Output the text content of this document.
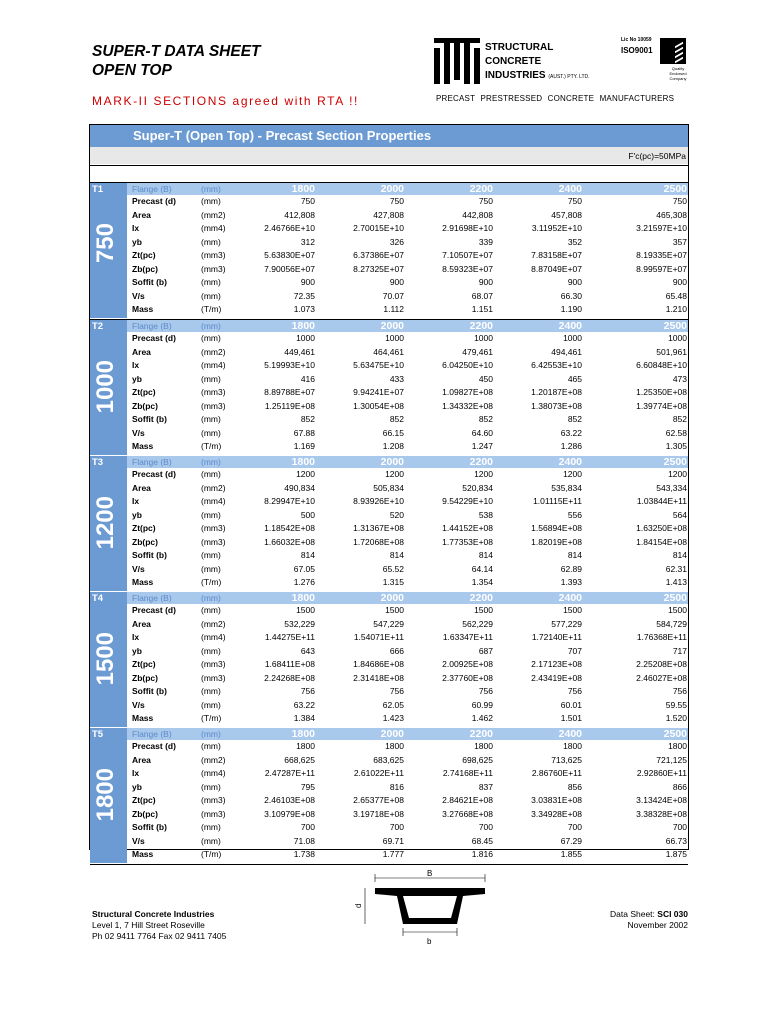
SUPER-T DATA SHEET
OPEN TOP
MARK-II SECTIONS agreed with RTA !!
STRUCTURAL
CONCRETE
INDUSTRIES (AUST.) PTY. LTD.
Lic No 10059
ISO9001
Quality
Endorsed
Company
PRECAST PRESTRESSED CONCRETE MANUFACTURERS
Super-T (Open Top) - Precast Section Properties
F'c(pc)=50MPa
T1
750
Flange (B)	(mm)	1800	2000	2200	2400	2500
Precast (d)	(mm)	750	750	750	750	750
Area	(mm2)	412,808	427,808	442,808	457,808	465,308
Ix	(mm4)	2.46766E+10	2.70015E+10	2.91698E+10	3.11952E+10	3.21597E+10
yb	(mm)	312	326	339	352	357
Zt(pc)	(mm3)	5.63830E+07	6.37386E+07	7.10507E+07	7.83158E+07	8.19335E+07
Zb(pc)	(mm3)	7.90056E+07	8.27325E+07	8.59323E+07	8.87049E+07	8.99597E+07
Soffit (b)	(mm)	900	900	900	900	900
V/s	(mm)	72.35	70.07	68.07	66.30	65.48
Mass	(T/m)	1.073	1.112	1.151	1.190	1.210
T2
1000
Flange (B)	(mm)	1800	2000	2200	2400	2500
Precast (d)	(mm)	1000	1000	1000	1000	1000
Area	(mm2)	449,461	464,461	479,461	494,461	501,961
Ix	(mm4)	5.19993E+10	5.63475E+10	6.04250E+10	6.42553E+10	6.60848E+10
yb	(mm)	416	433	450	465	473
Zt(pc)	(mm3)	8.89788E+07	9.94241E+07	1.09827E+08	1.20187E+08	1.25350E+08
Zb(pc)	(mm3)	1.25119E+08	1.30054E+08	1.34332E+08	1.38073E+08	1.39774E+08
Soffit (b)	(mm)	852	852	852	852	852
V/s	(mm)	67.88	66.15	64.60	63.22	62.58
Mass	(T/m)	1.169	1.208	1.247	1.286	1.305
T3
1200
Flange (B)	(mm)	1800	2000	2200	2400	2500
Precast (d)	(mm)	1200	1200	1200	1200	1200
Area	(mm2)	490,834	505,834	520,834	535,834	543,334
Ix	(mm4)	8.29947E+10	8.93926E+10	9.54229E+10	1.01115E+11	1.03844E+11
yb	(mm)	500	520	538	556	564
Zt(pc)	(mm3)	1.18542E+08	1.31367E+08	1.44152E+08	1.56894E+08	1.63250E+08
Zb(pc)	(mm3)	1.66032E+08	1.72068E+08	1.77353E+08	1.82019E+08	1.84154E+08
Soffit (b)	(mm)	814	814	814	814	814
V/s	(mm)	67.05	65.52	64.14	62.89	62.31
Mass	(T/m)	1.276	1.315	1.354	1.393	1.413
T4
1500
Flange (B)	(mm)	1800	2000	2200	2400	2500
Precast (d)	(mm)	1500	1500	1500	1500	1500
Area	(mm2)	532,229	547,229	562,229	577,229	584,729
Ix	(mm4)	1.44275E+11	1.54071E+11	1.63347E+11	1.72140E+11	1.76368E+11
yb	(mm)	643	666	687	707	717
Zt(pc)	(mm3)	1.68411E+08	1.84686E+08	2.00925E+08	2.17123E+08	2.25208E+08
Zb(pc)	(mm3)	2.24268E+08	2.31418E+08	2.37760E+08	2.43419E+08	2.46027E+08
Soffit (b)	(mm)	756	756	756	756	756
V/s	(mm)	63.22	62.05	60.99	60.01	59.55
Mass	(T/m)	1.384	1.423	1.462	1.501	1.520
T5
1800
Flange (B)	(mm)	1800	2000	2200	2400	2500
Precast (d)	(mm)	1800	1800	1800	1800	1800
Area	(mm2)	668,625	683,625	698,625	713,625	721,125
Ix	(mm4)	2.47287E+11	2.61022E+11	2.74168E+11	2.86760E+11	2.92860E+11
yb	(mm)	795	816	837	856	866
Zt(pc)	(mm3)	2.46103E+08	2.65377E+08	2.84621E+08	3.03831E+08	3.13424E+08
Zb(pc)	(mm3)	3.10979E+08	3.19718E+08	3.27668E+08	3.34928E+08	3.38328E+08
Soffit (b)	(mm)	700	700	700	700	700
V/s	(mm)	71.08	69.71	68.45	67.29	66.73
Mass	(T/m)	1.738	1.777	1.816	1.855	1.875
B
d
b
Structural Concrete Industries
Level 1, 7 Hill Street Roseville
Ph 02 9411 7764 Fax 02 9411 7405
Data Sheet: SCI 030
November 2002
